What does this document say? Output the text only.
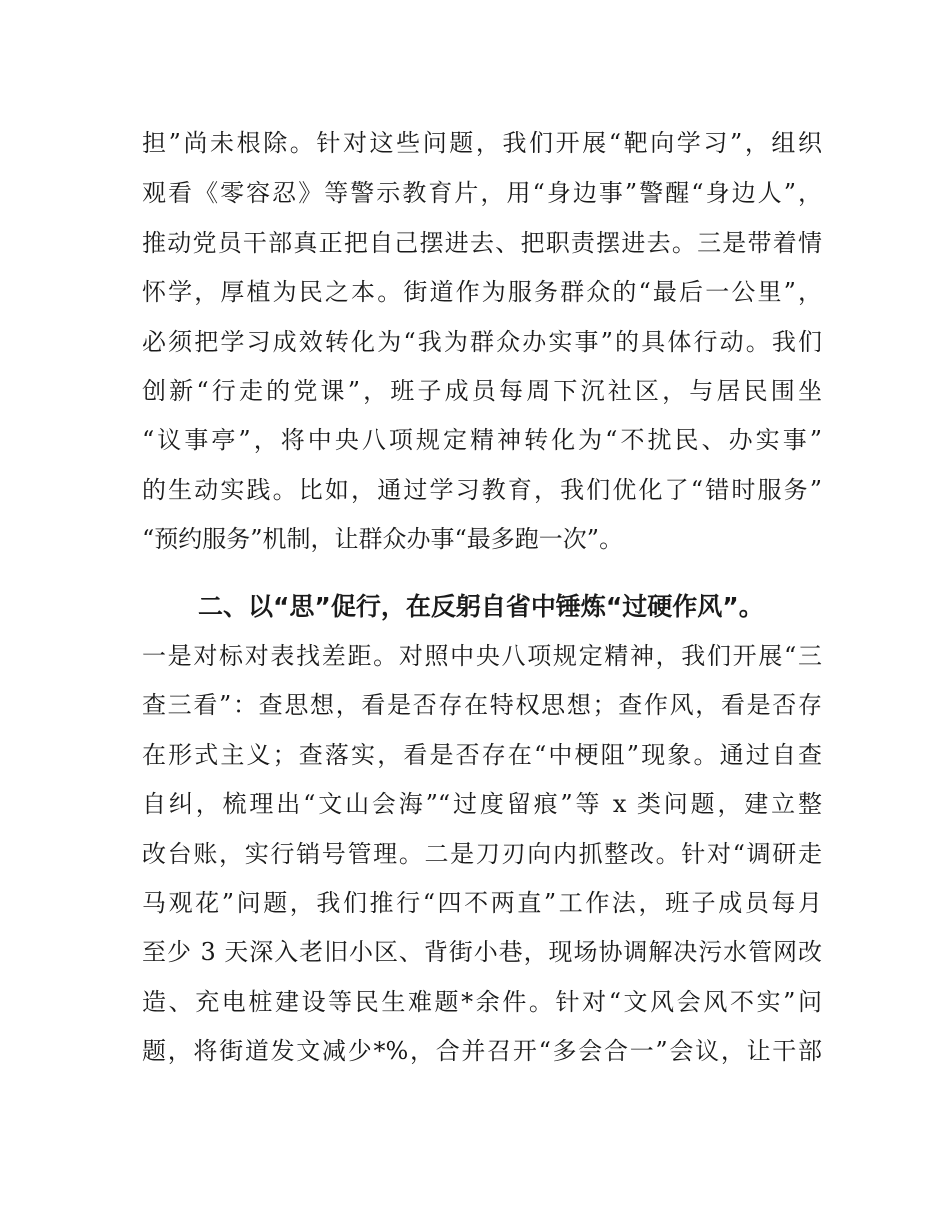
担”尚未根除。针对这些问题，我们开展“靶向学习”，组织
观看《零容忍》等警示教育片，用“身边事”警醒“身边人”，
推动党员干部真正把自己摆进去、把职责摆进去。三是带着情
怀学，厚植为民之本。街道作为服务群众的“最后一公里”，
必须把学习成效转化为“我为群众办实事”的具体行动。我们
创新“行走的党课”，班子成员每周下沉社区，与居民围坐
“议事亭”，将中央八项规定精神转化为“不扰民、办实事”
的生动实践。比如，通过学习教育，我们优化了“错时服务”
“预约服务”机制，让群众办事“最多跑一次”。
二、以“思”促行，在反躬自省中锤炼“过硬作风”。
一是对标对表找差距。对照中央八项规定精神，我们开展“三
查三看”：查思想，看是否存在特权思想；查作风，看是否存
在形式主义；查落实，看是否存在“中梗阻”现象。通过自查
自纠，梳理出“文山会海”“过度留痕”等 x 类问题，建立整
改台账，实行销号管理。二是刀刃向内抓整改。针对“调研走
马观花”问题，我们推行“四不两直”工作法，班子成员每月
至少 3 天深入老旧小区、背街小巷，现场协调解决污水管网改
造、充电桩建设等民生难题*余件。针对“文风会风不实”问
题，将街道发文减少*%，合并召开“多会合一”会议，让干部
